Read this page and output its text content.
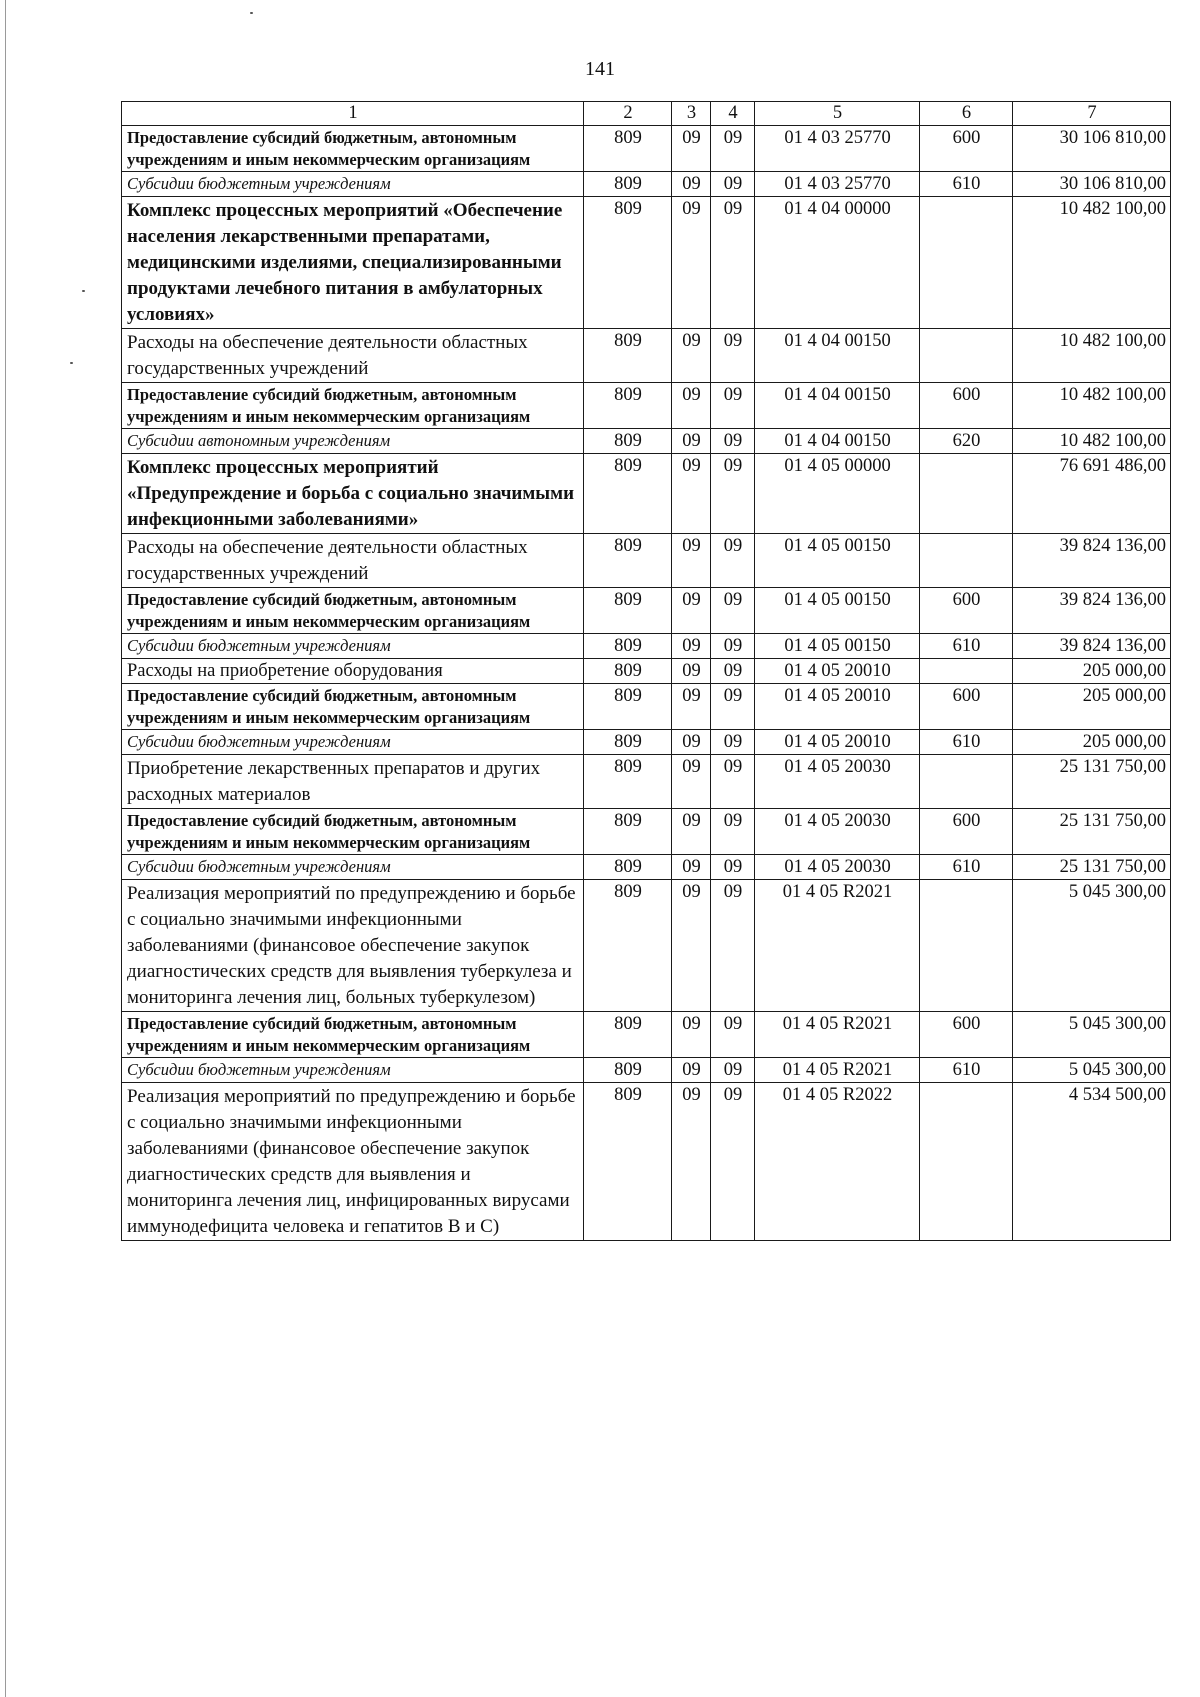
141
1	2	3	4	5	6	7
Предоставление субсидий бюджетным, автономным учреждениям и иным некоммерческим организациям	809	09	09	01 4 03 25770	600	30 106 810,00
Субсидии бюджетным учреждениям	809	09	09	01 4 03 25770	610	30 106 810,00
Комплекс процессных мероприятий «Обеспечение населения лекарственными препаратами, медицинскими изделиями, специализированными продуктами лечебного питания в амбулаторных условиях»	809	09	09	01 4 04 00000		10 482 100,00
Расходы на обеспечение деятельности областных государственных учреждений	809	09	09	01 4 04 00150		10 482 100,00
Предоставление субсидий бюджетным, автономным учреждениям и иным некоммерческим организациям	809	09	09	01 4 04 00150	600	10 482 100,00
Субсидии автономным учреждениям	809	09	09	01 4 04 00150	620	10 482 100,00
Комплекс процессных мероприятий «Предупреждение и борьба с социально значимыми инфекционными заболеваниями»	809	09	09	01 4 05 00000		76 691 486,00
Расходы на обеспечение деятельности областных государственных учреждений	809	09	09	01 4 05 00150		39 824 136,00
Предоставление субсидий бюджетным, автономным учреждениям и иным некоммерческим организациям	809	09	09	01 4 05 00150	600	39 824 136,00
Субсидии бюджетным учреждениям	809	09	09	01 4 05 00150	610	39 824 136,00
Расходы на приобретение оборудования	809	09	09	01 4 05 20010		205 000,00
Предоставление субсидий бюджетным, автономным учреждениям и иным некоммерческим организациям	809	09	09	01 4 05 20010	600	205 000,00
Субсидии бюджетным учреждениям	809	09	09	01 4 05 20010	610	205 000,00
Приобретение лекарственных препаратов и других расходных материалов	809	09	09	01 4 05 20030		25 131 750,00
Предоставление субсидий бюджетным, автономным учреждениям и иным некоммерческим организациям	809	09	09	01 4 05 20030	600	25 131 750,00
Субсидии бюджетным учреждениям	809	09	09	01 4 05 20030	610	25 131 750,00
Реализация мероприятий по предупреждению и борьбе с социально значимыми инфекционными заболеваниями (финансовое обеспечение закупок диагностических средств для выявления туберкулеза и мониторинга лечения лиц, больных туберкулезом)	809	09	09	01 4 05 R2021		5 045 300,00
Предоставление субсидий бюджетным, автономным учреждениям и иным некоммерческим организациям	809	09	09	01 4 05 R2021	600	5 045 300,00
Субсидии бюджетным учреждениям	809	09	09	01 4 05 R2021	610	5 045 300,00
Реализация мероприятий по предупреждению и борьбе с социально значимыми инфекционными заболеваниями (финансовое обеспечение закупок диагностических средств для выявления и мониторинга лечения лиц, инфицированных вирусами иммунодефицита человека и гепатитов B и C)	809	09	09	01 4 05 R2022		4 534 500,00
